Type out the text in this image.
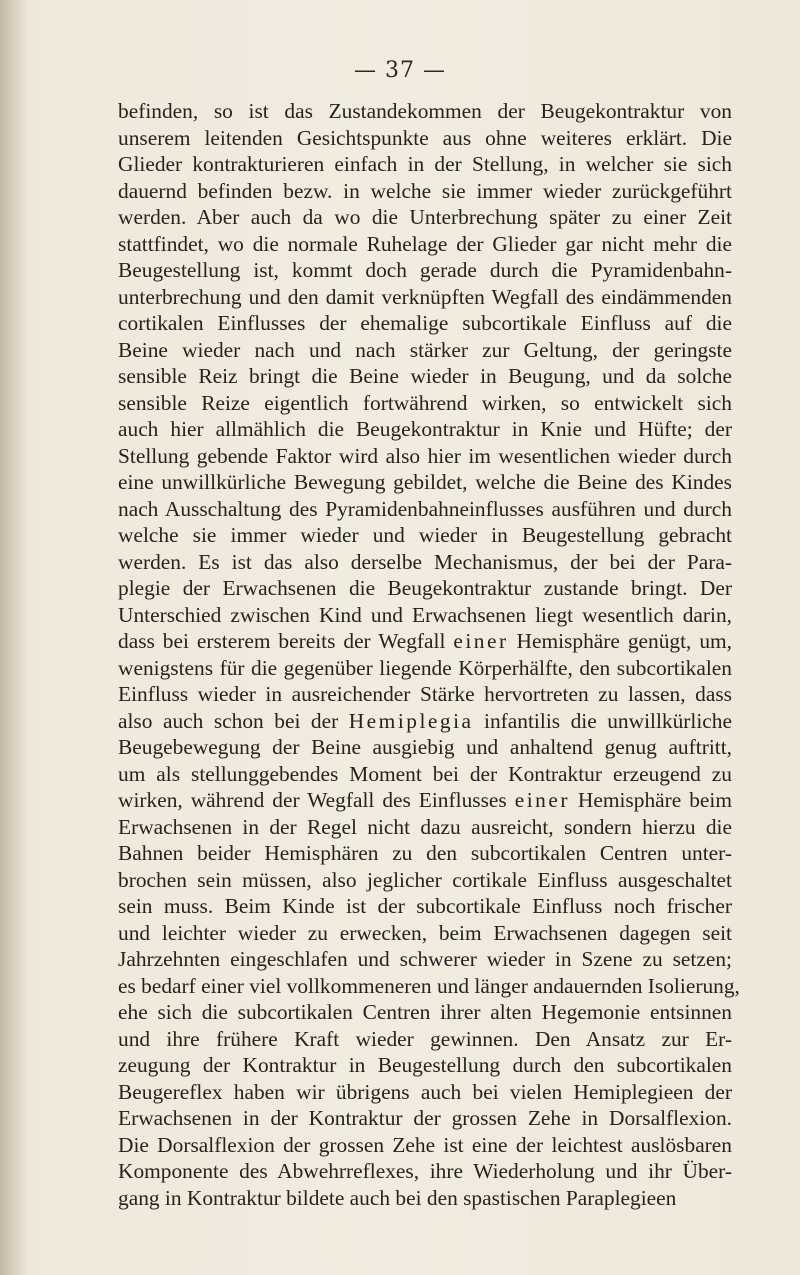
— 37 —
befinden, so ist das Zustandekommen der Beugekontraktur von
unserem leitenden Gesichtspunkte aus ohne weiteres erklärt. Die
Glieder kontrakturieren einfach in der Stellung, in welcher sie sich
dauernd befinden bezw. in welche sie immer wieder zurückgeführt
werden. Aber auch da wo die Unterbrechung später zu einer Zeit
stattfindet, wo die normale Ruhelage der Glieder gar nicht mehr die
Beugestellung ist, kommt doch gerade durch die Pyramidenbahn-
unterbrechung und den damit verknüpften Wegfall des eindämmenden
cortikalen Einflusses der ehemalige subcortikale Einfluss auf die
Beine wieder nach und nach stärker zur Geltung, der geringste
sensible Reiz bringt die Beine wieder in Beugung, und da solche
sensible Reize eigentlich fortwährend wirken, so entwickelt sich
auch hier allmählich die Beugekontraktur in Knie und Hüfte; der
Stellung gebende Faktor wird also hier im wesentlichen wieder durch
eine unwillkürliche Bewegung gebildet, welche die Beine des Kindes
nach Ausschaltung des Pyramidenbahneinflusses ausführen und durch
welche sie immer wieder und wieder in Beugestellung gebracht
werden. Es ist das also derselbe Mechanismus, der bei der Para-
plegie der Erwachsenen die Beugekontraktur zustande bringt. Der
Unterschied zwischen Kind und Erwachsenen liegt wesentlich darin,
dass bei ersterem bereits der Wegfall einer Hemisphäre genügt, um,
wenigstens für die gegenüber liegende Körperhälfte, den subcortikalen
Einfluss wieder in ausreichender Stärke hervortreten zu lassen, dass
also auch schon bei der Hemiplegia infantilis die unwillkürliche
Beugebewegung der Beine ausgiebig und anhaltend genug auftritt,
um als stellunggebendes Moment bei der Kontraktur erzeugend zu
wirken, während der Wegfall des Einflusses einer Hemisphäre beim
Erwachsenen in der Regel nicht dazu ausreicht, sondern hierzu die
Bahnen beider Hemisphären zu den subcortikalen Centren unter-
brochen sein müssen, also jeglicher cortikale Einfluss ausgeschaltet
sein muss. Beim Kinde ist der subcortikale Einfluss noch frischer
und leichter wieder zu erwecken, beim Erwachsenen dagegen seit
Jahrzehnten eingeschlafen und schwerer wieder in Szene zu setzen;
es bedarf einer viel vollkommeneren und länger andauernden Isolierung,
ehe sich die subcortikalen Centren ihrer alten Hegemonie entsinnen
und ihre frühere Kraft wieder gewinnen. Den Ansatz zur Er-
zeugung der Kontraktur in Beugestellung durch den subcortikalen
Beugereflex haben wir übrigens auch bei vielen Hemiplegieen der
Erwachsenen in der Kontraktur der grossen Zehe in Dorsalflexion.
Die Dorsalflexion der grossen Zehe ist eine der leichtest auslösbaren
Komponente des Abwehrreflexes, ihre Wiederholung und ihr Über-
gang in Kontraktur bildete auch bei den spastischen Paraplegieen
